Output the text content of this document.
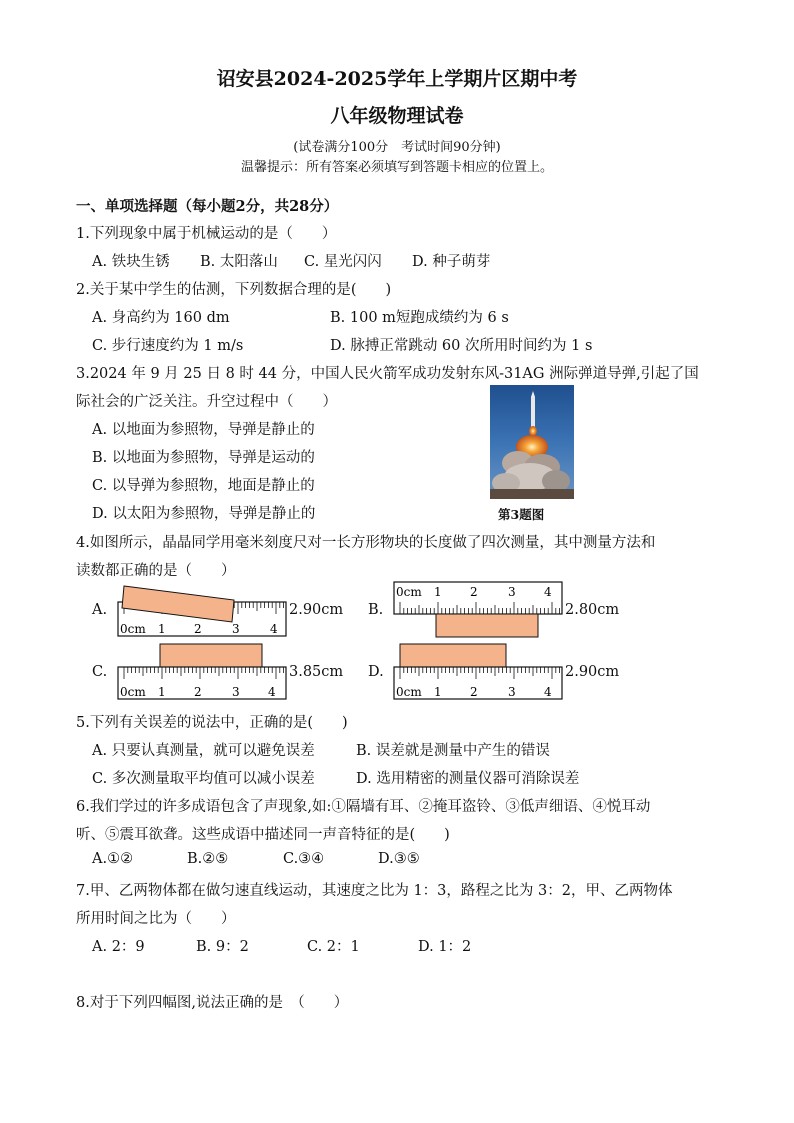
诏安县2024-2025学年上学期片区期中考
八年级物理试卷
(试卷满分100分　考试时间90分钟)
温馨提示：所有答案必须填写到答题卡相应的位置上。
一、单项选择题（每小题2分，共28分）
1.下列现象中属于机械运动的是（　　）
A. 铁块生锈 B. 太阳落山 C. 星光闪闪 D. 种子萌芽
2.关于某中学生的估测，下列数据合理的是(　　)
A. 身高约为 160 dm	B. 100 m短跑成绩约为 6 s
C. 步行速度约为 1 m/s	D. 脉搏正常跳动 60 次所用时间约为 1 s
3.2024 年 9 月 25 日 8 时 44 分，中国人民火箭军成功发射东风-31AG 洲际弹道导弹,引起了国
际社会的广泛关注。升空过程中（　　）
A. 以地面为参照物，导弹是静止的
B. 以地面为参照物，导弹是运动的
C. 以导弹为参照物，地面是静止的
D. 以太阳为参照物，导弹是静止的	第3题图
4.如图所示，晶晶同学用毫米刻度尺对一长方形物块的长度做了四次测量，其中测量方法和
读数都正确的是（　　）
A.
0cm 1 2	3	4
2.90cm B.
0cm 1 2	3 4
2.80cm
C.
0cm 1 2	3 4
3.85cm D.
0cm 1 2	3 4
2.90cm
5.下列有关误差的说法中，正确的是(　　)
A. 只要认真测量，就可以避免误差	B. 误差就是测量中产生的错误
C. 多次测量取平均值可以减小误差	D. 选用精密的测量仪器可消除误差
6.我们学过的许多成语包含了声现象,如:①隔墙有耳、②掩耳盗铃、③低声细语、④悦耳动
听、⑤震耳欲聋。这些成语中描述同一声音特征的是(　　)
A.①②	B.②⑤	C.③④	D.③⑤
7.甲、乙两物体都在做匀速直线运动，其速度之比为 1：3，路程之比为 3：2，甲、乙两物体
所用时间之比为（　　）
A. 2：9	B. 9：2	C. 2：1	D. 1：2
8.对于下列四幅图,说法正确的是　（　　）
